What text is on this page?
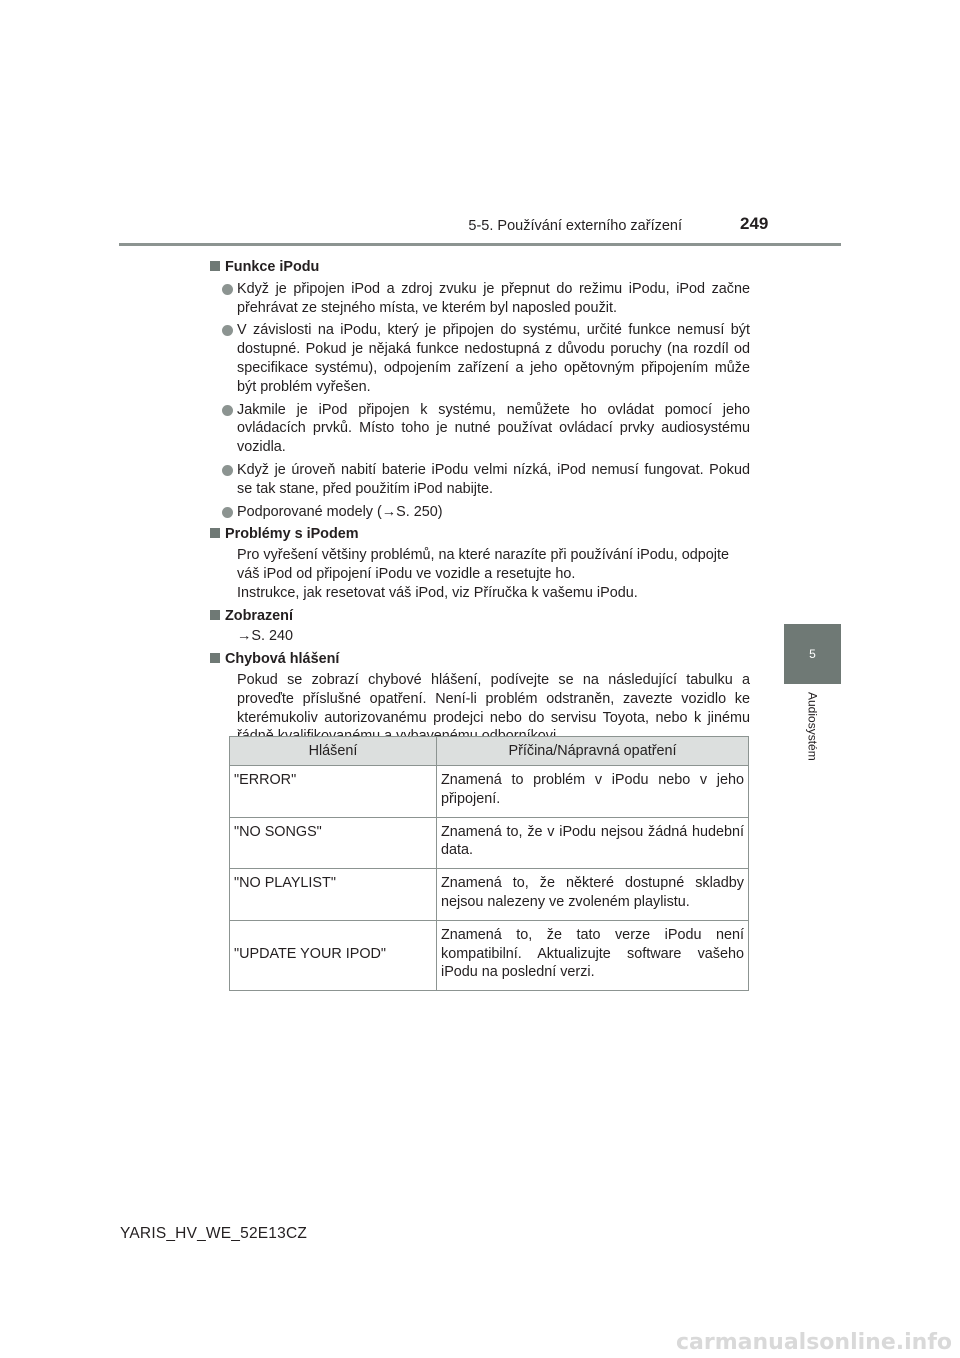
5-5. Používání externího zařízení	249
5
Audiosystém
Funkce iPodu
Když je připojen iPod a zdroj zvuku je přepnut do režimu iPodu, iPod začne přehrávat ze stejného místa, ve kterém byl naposled použit.
V závislosti na iPodu, který je připojen do systému, určité funkce nemusí být dostupné. Pokud je nějaká funkce nedostupná z důvodu poruchy (na rozdíl od specifikace systému), odpojením zařízení a jeho opětovným připojením může být problém vyřešen.
Jakmile je iPod připojen k systému, nemůžete ho ovládat pomocí jeho ovládacích prvků. Místo toho je nutné používat ovládací prvky audiosystému vozidla.
Když je úroveň nabití baterie iPodu velmi nízká, iPod nemusí fungovat. Pokud se tak stane, před použitím iPod nabijte.
Podporované modely (→S. 250)
Problémy s iPodem
Pro vyřešení většiny problémů, na které narazíte při používání iPodu, odpojte váš iPod od připojení iPodu ve vozidle a resetujte ho.
Instrukce, jak resetovat váš iPod, viz Příručka k vašemu iPodu.
Zobrazení
→S. 240
Chybová hlášení
Pokud se zobrazí chybové hlášení, podívejte se na následující tabulku a proveďte příslušné opatření. Není-li problém odstraněn, zavezte vozidlo ke kterémukoliv autorizovanému prodejci nebo do servisu Toyota, nebo k jinému
Hlášení	Příčina/Nápravná opatření
"ERROR"	Znamená to problém v iPodu nebo v jeho připojení.
"NO SONGS"	Znamená to, že v iPodu nejsou žádná hudební data.
"NO PLAYLIST"	Znamená to, že některé dostupné skladby nejsou nalezeny ve zvoleném playlistu.
"UPDATE YOUR IPOD"	Znamená to, že tato verze iPodu není kompatibilní. Aktualizujte software vašeho iPodu na poslední verzi.
YARIS_HV_WE_52E13CZ
carmanualsonline.info
